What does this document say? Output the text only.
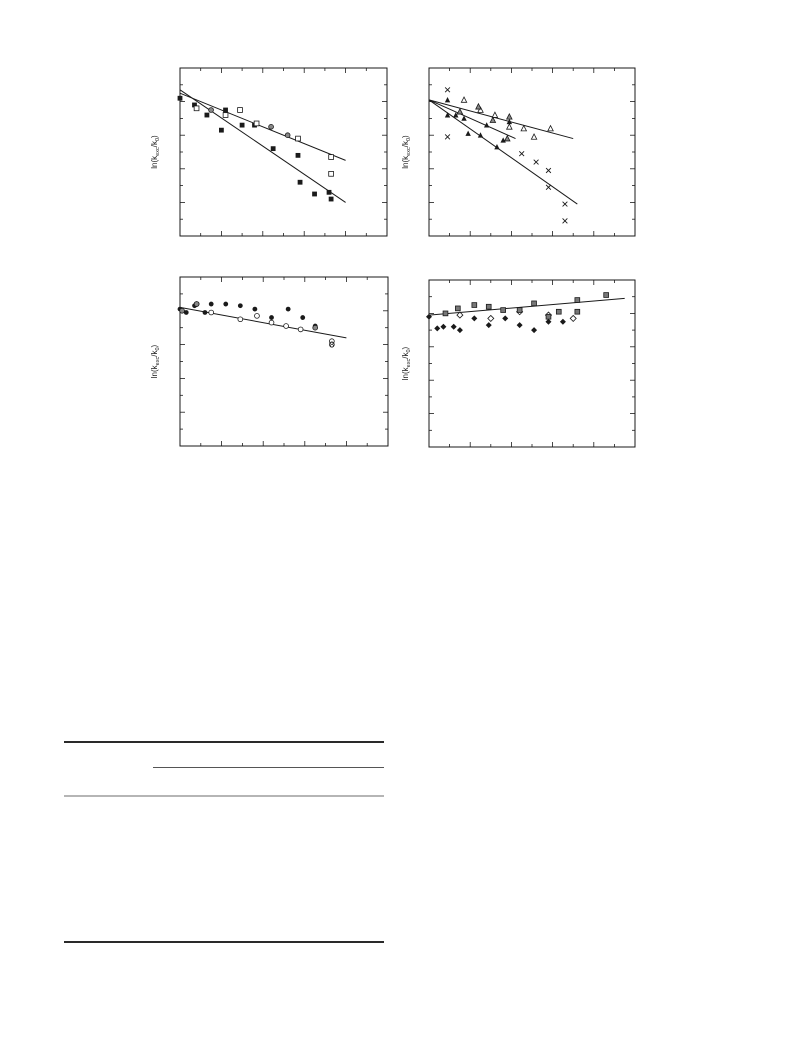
$\ln(k_{exc}/k_0)$
$\ln(k_{exc}/k_0)$
$\ln(k_{exc}/k_0)$	8
$\ln(k_{exc}/k_0)$
